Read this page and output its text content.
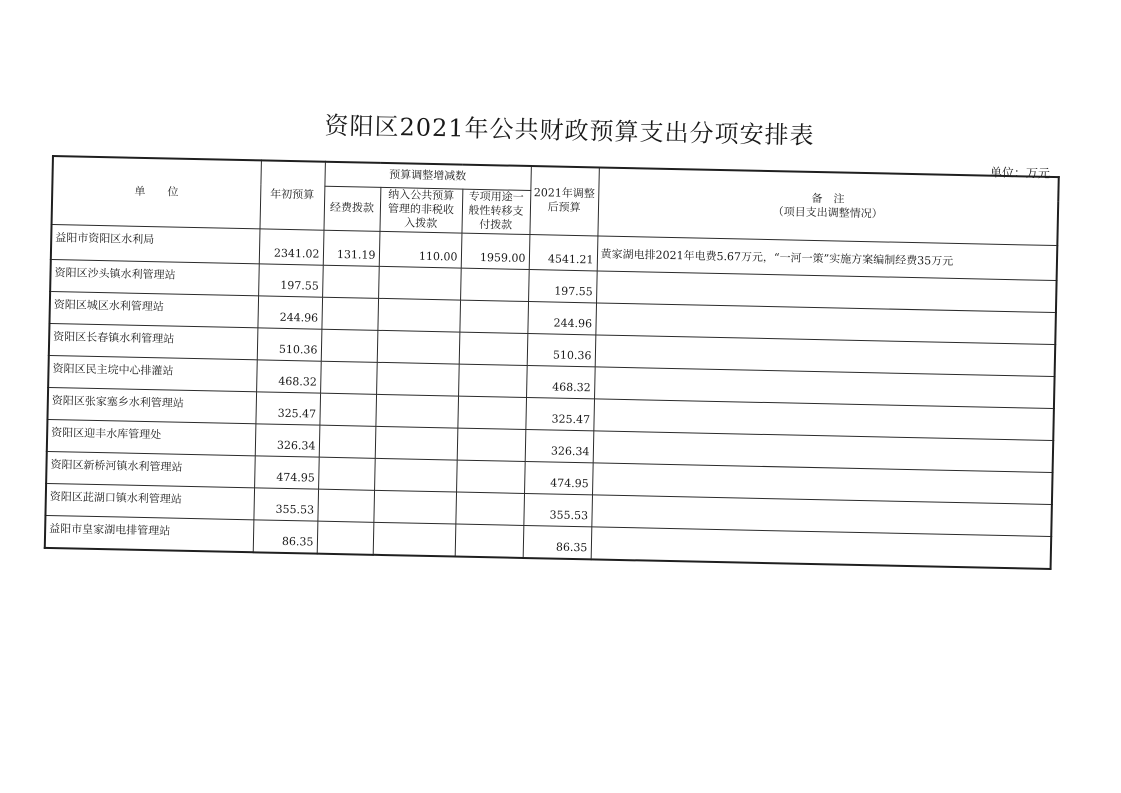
资阳区2021年公共财政预算支出分项安排表
单位：万元
单　　位	年初预算	预算调整增减数			2021年调整后预算	备　注
（项目支出调整情况）

		经费拨款	纳入公共预算管理的非税收入拨款	专项用途一般性转移支付拨款		
益阳市资阳区水利局	2341.02	131.19	110.00	1959.00	4541.21	黄家湖电排2021年电费5.67万元，“一河一策”实施方案编制经费35万元
资阳区沙头镇水利管理站	197.55				197.55	
资阳区城区水利管理站	244.96				244.96	
资阳区长春镇水利管理站	510.36				510.36	
资阳区民主垸中心排灌站	468.32				468.32	
资阳区张家塞乡水利管理站	325.47				325.47	
资阳区迎丰水库管理处	326.34				326.34	
资阳区新桥河镇水利管理站	474.95				474.95	
资阳区茈湖口镇水利管理站	355.53				355.53	
益阳市皇家湖电排管理站	86.35				86.35	
